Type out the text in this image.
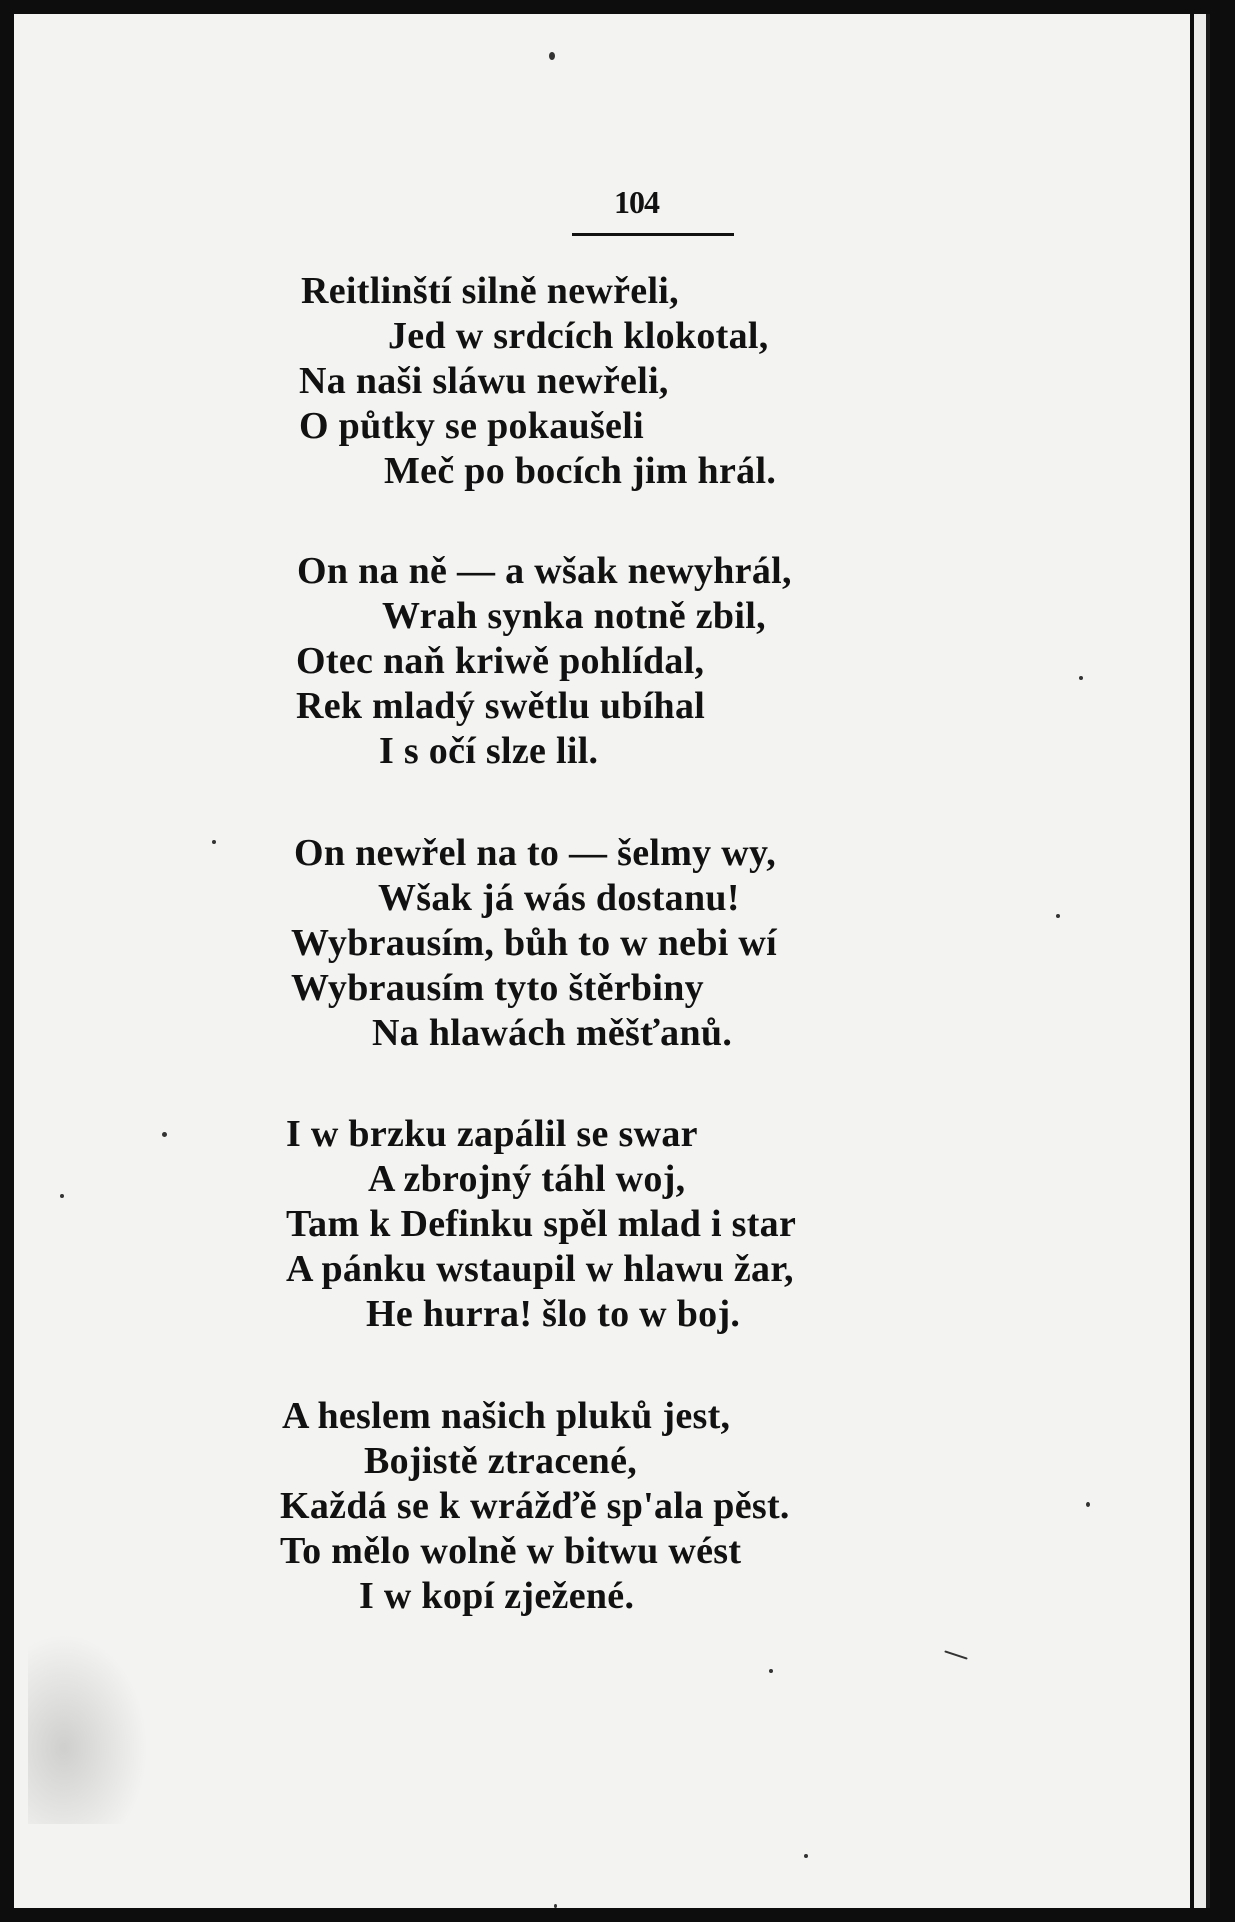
104
Reitlinští silně newřeli,
Jed w srdcích klokotal,
Na naši sláwu newřeli,
O půtky se pokaušeli
Meč po bocích jim hrál.
On na ně — a wšak newyhrál,
Wrah synka notně zbil,
Otec naň kriwě pohlídal,
Rek mladý swětlu ubíhal
I s očí slze lil.
On newřel na to — šelmy wy,
Wšak já wás dostanu!
Wybrausím, bůh to w nebi wí
Wybrausím tyto štěrbiny
Na hlawách měšťanů.
I w brzku zapálil se swar
A zbrojný táhl woj,
Tam k Definku spěl mlad i star
A pánku wstaupil w hlawu žar,
He hurra! šlo to w boj.
A heslem našich pluků jest,
Bojistě ztracené,
Každá se k wrážďě sp'ala pěst.
To mělo wolně w bitwu wést
I w kopí zježené.
